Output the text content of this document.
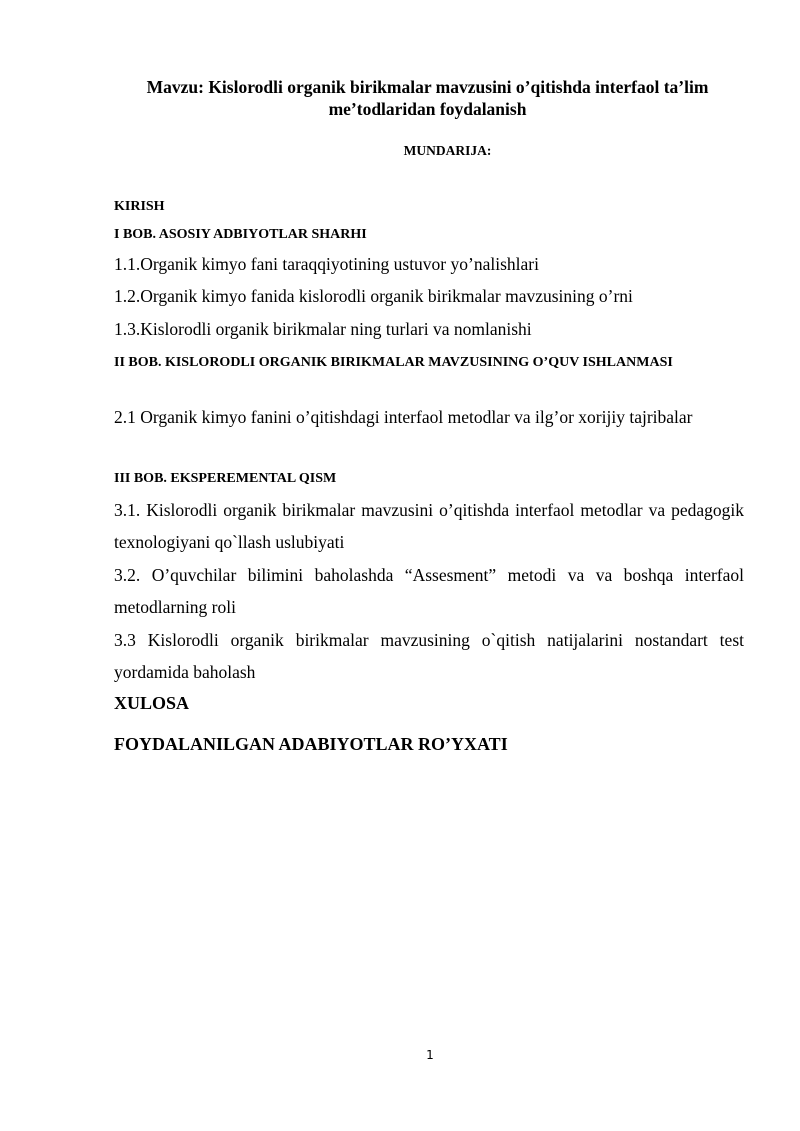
Mavzu: Kislorodli organik birikmalar mavzusini o’qitishda interfaol ta’lim me’todlaridan foydalanish
MUNDARIJA:
KIRISH
I BOB. ASOSIY ADBIYOTLAR SHARHI
1.1.Organik kimyo fani taraqqiyotining ustuvor yo’nalishlari
1.2.Organik kimyo fanida kislorodli organik birikmalar mavzusining o’rni
1.3.Kislorodli organik birikmalar ning turlari va nomlanishi
II BOB. KISLORODLI ORGANIK BIRIKMALAR MAVZUSINING O’QUV ISHLANMASI
2.1 Organik kimyo fanini o’qitishdagi interfaol metodlar va ilg’or xorijiy tajribalar
III BOB. EKSPEREMENTAL QISM
3.1. Kislorodli organik birikmalar mavzusini o’qitishda interfaol metodlar va pedagogik texnologiyani qo`llash uslubiyati
3.2. O’quvchilar bilimini baholashda “Assesment” metodi va va boshqa interfaol metodlarning roli
3.3 Kislorodli organik birikmalar mavzusining o`qitish natijalarini nostandart test yordamida baholash
XULOSA
FOYDALANILGAN ADABIYOTLAR RO’YXATI
1
